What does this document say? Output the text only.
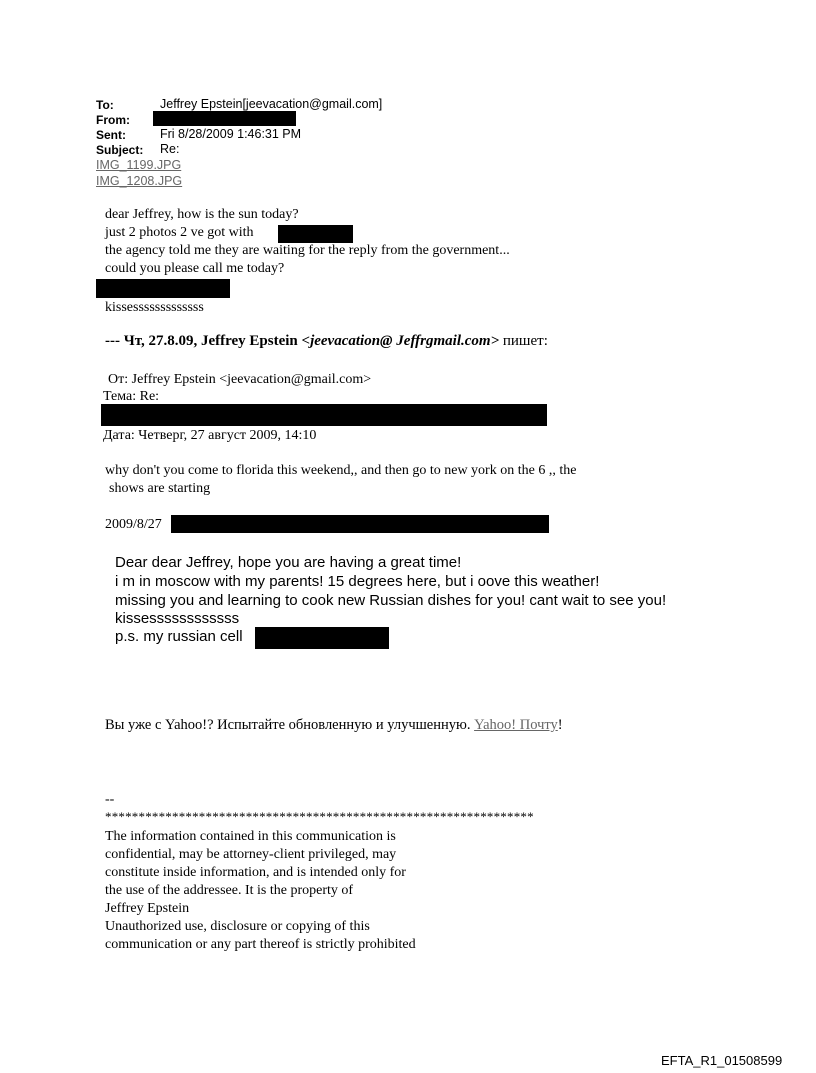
To:	Jeffrey Epstein[jeevacation@gmail.com]
From:
Sent:	Fri 8/28/2009 1:46:31 PM
Subject: Re:
IMG_1199.JPG
IMG_1208.JPG
dear Jeffrey, how is the sun today?
just 2 photos 2 ve got with
the agency told me they are waiting for the reply from the government...
could you please call me today?
kissesssssssssssss
--- Чт, 27.8.09, Jeffrey Epstein <jeevacation@ Jeffrgmail.com> пишет:
От: Jeffrey Epstein <jeevacation@gmail.com>
Тема: Re:
Дата: Четверг, 27 август 2009, 14:10
why don't you come to florida this weekend,, and then go to new york on the 6 ,, the
shows are starting
2009/8/27
Dear dear Jeffrey, hope you are having a great time!
i m in moscow with my parents! 15 degrees here, but i oove this weather!
missing you and learning to cook new Russian dishes for you! cant wait to see you!
kissessssssssssss
p.s. my russian cell
Вы уже с Yahoo!? Испытайте обновленную и улучшенную. Yahoo! Почту!
--
****************************************************************
The information contained in this communication is
confidential, may be attorney-client privileged, may
constitute inside information, and is intended only for
the use of the addressee. It is the property of
Jeffrey Epstein
Unauthorized use, disclosure or copying of this
communication or any part thereof is strictly prohibited
EFTA_R1_01508599
